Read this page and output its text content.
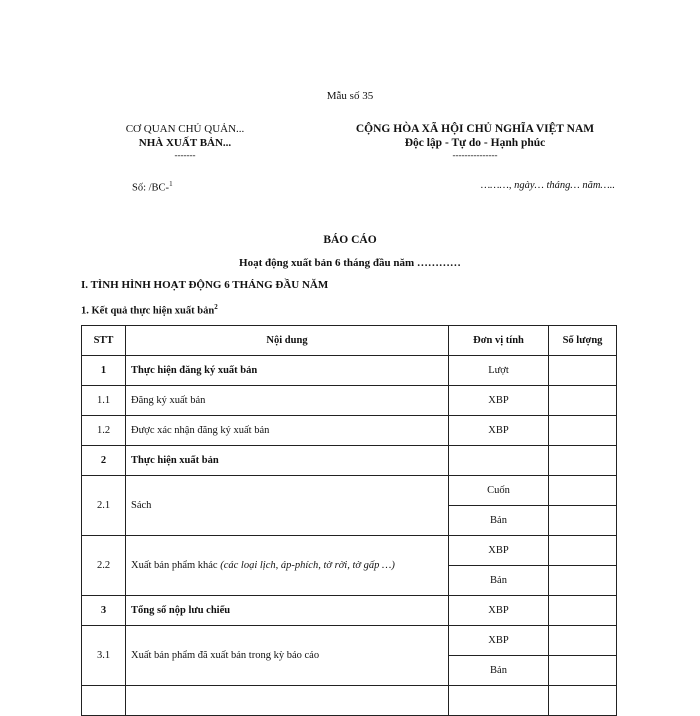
Mẫu số 35
CƠ QUAN CHỦ QUẢN...
NHÀ XUẤT BẢN...
-------
CỘNG HÒA XÃ HỘI CHỦ NGHĨA VIỆT NAM
Độc lập - Tự do - Hạnh phúc
---------------
Số: /BC-$^1$	………, ngày… tháng… năm…..
BÁO CÁO
Hoạt động xuất bản 6 tháng đầu năm …………
I. TÌNH HÌNH HOẠT ĐỘNG 6 THÁNG ĐẦU NĂM
1. Kết quả thực hiện xuất bản$^2$
STT	Nội dung	Đơn vị tính	Số lượng
1	Thực hiện đăng ký xuất bản	Lượt	
1.1	Đăng ký xuất bản	XBP	
1.2	Được xác nhận đăng ký xuất bản	XBP	
2	Thực hiện xuất bản		
2.1	Sách	Cuốn	
		Bản	
2.2	Xuất bản phẩm khác (các loại lịch, áp-phích, tờ rời, tờ gấp …)	XBP	
		Bản	
3	Tổng số nộp lưu chiểu	XBP	
3.1	Xuất bản phẩm đã xuất bản trong kỳ báo cáo	XBP	
		Bản	
